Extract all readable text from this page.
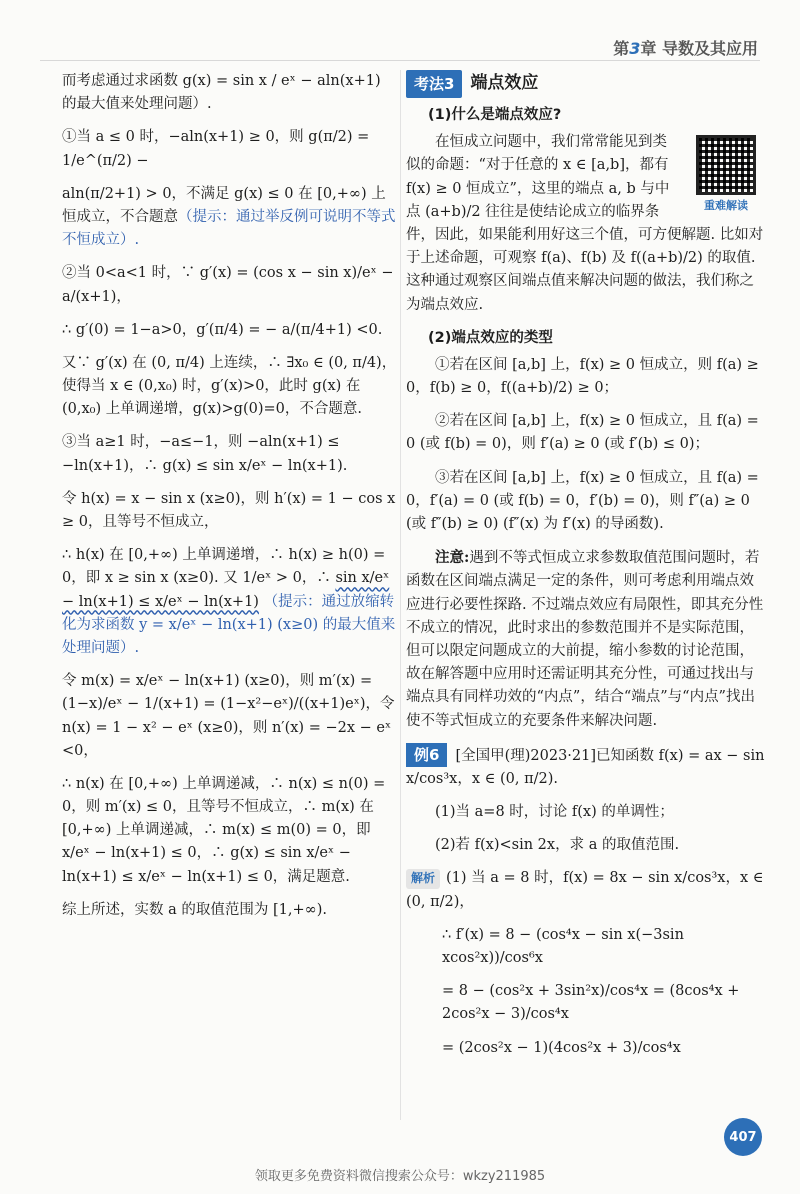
第3章 导数及其应用

而考虑通过求函数 g(x) = sin x / eˣ − aln(x+1) 的最大值来处理问题）.

①当 a ≤ 0 时，−aln(x+1) ≥ 0，则 g(π/2) = 1/e^(π/2) −

aln(π/2+1) > 0，不满足 g(x) ≤ 0 在 [0,+∞) 上恒成立，不合题意（提示：通过举反例可说明不等式不恒成立）.

②当 0<a<1 时，∵ g′(x) = (cos x − sin x)/eˣ − a/(x+1)，

∴ g′(0) = 1−a>0，g′(π/4) = − a/(π/4+1) <0.

又∵ g′(x) 在 (0, π/4) 上连续，∴ ∃x₀ ∈ (0, π/4)，使得当 x ∈ (0,x₀) 时，g′(x)>0，此时 g(x) 在 (0,x₀) 上单调递增，g(x)>g(0)=0，不合题意.

③当 a≥1 时，−a≤−1，则 −aln(x+1) ≤ −ln(x+1)，∴ g(x) ≤ sin x/eˣ − ln(x+1).

令 h(x) = x − sin x (x≥0)，则 h′(x) = 1 − cos x ≥ 0，且等号不恒成立，

∴ h(x) 在 [0,+∞) 上单调递增，∴ h(x) ≥ h(0) = 0，即 x ≥ sin x (x≥0). 又 1/eˣ > 0，∴ sin x/eˣ − ln(x+1) ≤ x/eˣ − ln(x+1) （提示：通过放缩转化为求函数 y = x/eˣ − ln(x+1) (x≥0) 的最大值来处理问题）.

令 m(x) = x/eˣ − ln(x+1) (x≥0)，则 m′(x) = (1−x)/eˣ − 1/(x+1) = (1−x²−eˣ)/((x+1)eˣ)，令 n(x) = 1 − x² − eˣ (x≥0)，则 n′(x) = −2x − eˣ <0，

∴ n(x) 在 [0,+∞) 上单调递减，∴ n(x) ≤ n(0) = 0，则 m′(x) ≤ 0，且等号不恒成立，∴ m(x) 在 [0,+∞) 上单调递减，∴ m(x) ≤ m(0) = 0，即 x/eˣ − ln(x+1) ≤ 0，∴ g(x) ≤ sin x/eˣ − ln(x+1) ≤ x/eˣ − ln(x+1) ≤ 0，满足题意.

综上所述，实数 a 的取值范围为 [1,+∞).

考法3 端点效应
(1)什么是端点效应?
重难解读

在恒成立问题中，我们常常能见到类似的命题：“对于任意的 x ∈ [a,b]，都有 f(x) ≥ 0 恒成立”，这里的端点 a, b 与中点 (a+b)/2 往往是使结论成立的临界条件，因此，如果能利用好这三个值，可方便解题. 比如对于上述命题，可观察 f(a)、f(b) 及 f((a+b)/2) 的取值. 这种通过观察区间端点值来解决问题的做法，我们称之为端点效应.

(2)端点效应的类型

①若在区间 [a,b] 上，f(x) ≥ 0 恒成立，则 f(a) ≥ 0，f(b) ≥ 0，f((a+b)/2) ≥ 0；

②若在区间 [a,b] 上，f(x) ≥ 0 恒成立，且 f(a) = 0 (或 f(b) = 0)，则 f′(a) ≥ 0 (或 f′(b) ≤ 0)；

③若在区间 [a,b] 上，f(x) ≥ 0 恒成立，且 f(a) = 0，f′(a) = 0 (或 f(b) = 0，f′(b) = 0)，则 f″(a) ≥ 0 (或 f″(b) ≥ 0) (f″(x) 为 f′(x) 的导函数).

注意:遇到不等式恒成立求参数取值范围问题时，若函数在区间端点满足一定的条件，则可考虑利用端点效应进行必要性探路. 不过端点效应有局限性，即其充分性不成立的情况，此时求出的参数范围并不是实际范围，但可以限定问题成立的大前提，缩小参数的讨论范围，故在解答题中应用时还需证明其充分性，可通过找出与端点具有同样功效的“内点”，结合“端点”与“内点”找出使不等式恒成立的充要条件来解决问题.

例6 [全国甲(理)2023·21]已知函数 f(x) = ax − sin x/cos³x，x ∈ (0, π/2).

(1)当 a=8 时，讨论 f(x) 的单调性；

(2)若 f(x)<sin 2x，求 a 的取值范围.

解析 (1) 当 a = 8 时，f(x) = 8x − sin x/cos³x，x ∈ (0, π/2)，

∴ f′(x) = 8 − (cos⁴x − sin x(−3sin xcos²x))/cos⁶x

= 8 − (cos²x + 3sin²x)/cos⁴x = (8cos⁴x + 2cos²x − 3)/cos⁴x

= (2cos²x − 1)(4cos²x + 3)/cos⁴x

407
领取更多免费资料微信搜索公众号：wkzy211985
